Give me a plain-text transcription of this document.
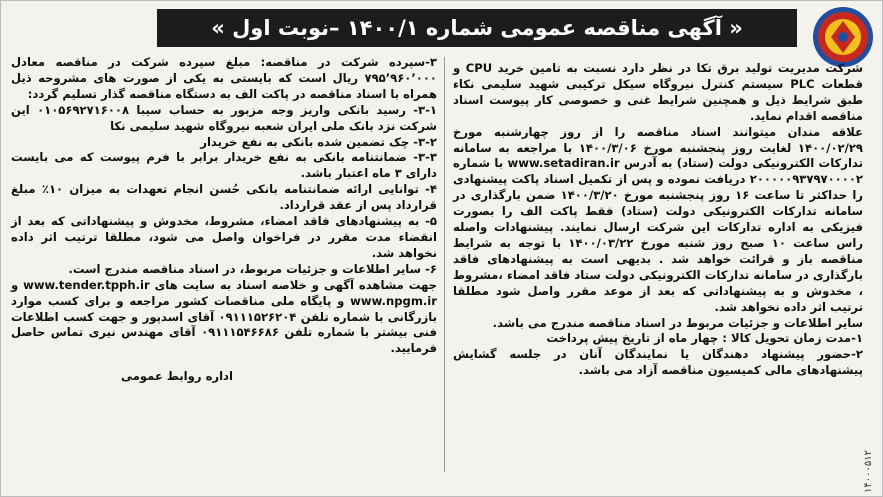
« آگهی مناقصه عمومی شماره ۱۴۰۰/۱ –نوبت اول »

شرکت مدیریت تولید برق تکا در نظر دارد نسبت به تامین خرید CPU و قطعات PLC سیستم کنترل نیروگاه سیکل ترکیبی شهید سلیمی نکاء طبق شرایط ذیل و همچنین شرایط غنی و خصوصی کار پیوست اسناد مناقصه اقدام نماید.

علاقه مندان میتوانند اسناد مناقصه را از روز چهارشنبه مورخ ۱۴۰۰/۰۲/۲۹ لغایت روز پنجشنبه مورخ ۱۴۰۰/۳/۰۶ با مراجعه به سامانه تدارکات الکترونیکی دولت (ستاد) به آدرس www.setadiran.ir با شماره ۲۰۰۰۰۰۹۳۷۹۷۰۰۰۰۲ دریافت نموده و پس از تکمیل اسناد پاکت پیشنهادی را حداکثر تا ساعت ۱۶ روز پنجشنبه مورخ ۱۴۰۰/۳/۲۰ ضمن بارگذاری در سامانه تدارکات الکترونیکی دولت (ستاد) فقط پاکت الف را بصورت فیزیکی به اداره تدارکات این شرکت ارسال نمایند. پیشنهادات واصله راس ساعت ۱۰ صبح روز شنبه مورخ ۱۴۰۰/۰۳/۲۲ با توجه به شرایط مناقصه باز و قرائت خواهد شد . بدیهی است به پیشنهادهای فاقد بارگذاری در سامانه تدارکات الکترونیکی دولت ستاد فاقد امضاء ،مشروط ، مخدوش و به پیشنهاداتی که بعد از موعد مقرر واصل شود مطلقا ترتیب اثر داده نخواهد شد.

سایر اطلاعات و جزئیات مربوط در اسناد مناقصه مندرج می باشد.

۱-مدت زمان تحویل کالا : چهار ماه از تاریخ پیش پرداخت

۲-حضور پیشنهاد دهندگان یا نمایندگان آنان در جلسه گشایش پیشنهادهای مالی کمیسیون مناقصه آزاد می باشد.

۳-سپرده شرکت در مناقصه: مبلغ سپرده شرکت در مناقصه معادل ۷۹۵٬۹۶۰٬۰۰۰ ریال است که بایستی به یکی از صورت های مشروحه ذیل همراه با اسناد مناقصه در پاکت الف به دستگاه مناقصه گذار تسلیم گردد:

۳-۱- رسید بانکی واریز وجه مزبور به حساب سیبا ۰۱۰۵۶۹۲۷۱۶۰۰۸ این شرکت نزد بانک ملی ایران شعبه نیروگاه شهید سلیمی نکا

۳-۲- چک تضمین شده بانکی به نفع خریدار

۳-۳- ضمانتنامه بانکی به نفع خریدار برابر با فرم پیوست که می بایست دارای ۳ ماه اعتبار باشد.

۴- توانایی ارائه ضمانتنامه بانکی حُسن انجام تعهدات به میزان ۱۰٪ مبلغ قرارداد پس از عقد قرارداد.

۵- به پیشنهادهای فاقد امضاء، مشروط، مخدوش و پیشنهاداتی که بعد از انقضاء مدت مقرر در فراخوان واصل می شود، مطلقا ترتیب اثر داده نخواهد شد.

۶- سایر اطلاعات و جزئیات مربوط، در اسناد مناقصه مندرج است.

جهت مشاهده آگهی و خلاصه اسناد به سایت های www.tender.tpph.ir و www.npgm.ir و پایگاه ملی مناقصات کشور مراجعه و برای کسب موارد بازرگانی با شماره تلفن ۰۹۱۱۱۵۲۶۲۰۴ آقای اسدپور و جهت کسب اطلاعات فنی بیشتر با شماره تلفن ۰۹۱۱۱۵۴۶۶۸۶ آقای مهندس نیری تماس حاصل فرمایید.

اداره روابط عمومی

۱۴۰۰۰۵۱۲
